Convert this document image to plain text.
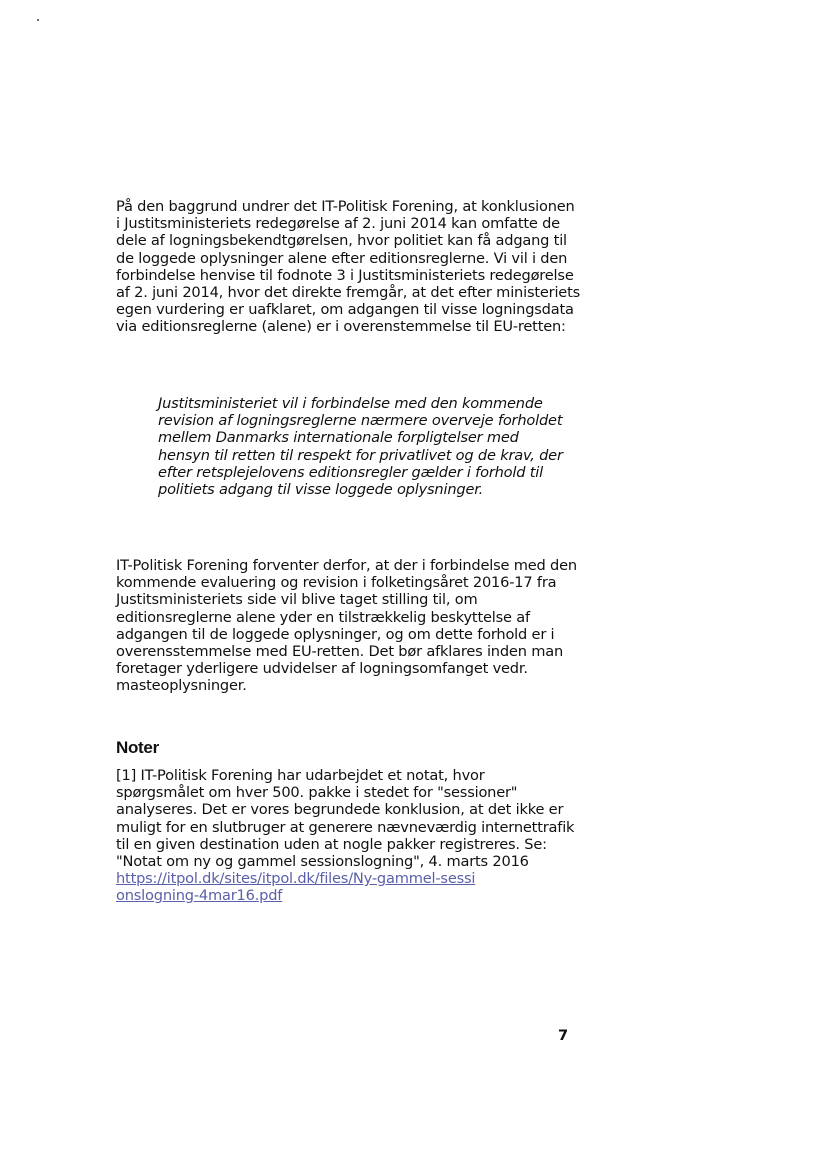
På den baggrund undrer det IT-Politisk Forening, at konklusionen i Justitsministeriets redegørelse af 2. juni 2014 kan omfatte de dele af logningsbekendtgørelsen, hvor politiet kan få adgang til de loggede oplysninger alene efter editionsreglerne. Vi vil i den forbindelse henvise til fodnote 3 i Justitsministeriets redegørelse af 2. juni 2014, hvor det direkte fremgår, at det efter ministeriets egen vurdering er uafklaret, om adgangen til visse logningsdata via editionsreglerne (alene) er i overenstemmelse til EU-retten:

Justitsministeriet vil i forbindelse med den kommende revision af logningsreglerne nærmere overveje forholdet mellem Danmarks internationale forpligtelser med hensyn til retten til respekt for privatlivet og de krav, der efter retsplejelovens editionsregler gælder i forhold til politiets adgang til visse loggede oplysninger.

IT-Politisk Forening forventer derfor, at der i forbindelse med den kommende evaluering og revision i folketingsåret 2016-17 fra Justitsministeriets side vil blive taget stilling til, om editionsreglerne alene yder en tilstrækkelig beskyttelse af adgangen til de loggede oplysninger, og om dette forhold er i overensstemmelse med EU-retten. Det bør afklares inden man foretager yderligere udvidelser af logningsomfanget vedr. masteoplysninger.

Noter
[1] IT-Politisk Forening har udarbejdet et notat, hvor spørgsmålet om hver 500. pakke i stedet for "sessioner" analyseres. Det er vores begrundede konklusion, at det ikke er muligt for en slutbruger at generere nævneværdig internettrafik til en given destination uden at nogle pakker registreres. Se: "Notat om ny og gammel sessionslogning", 4. marts 2016
https://itpol.dk/sites/itpol.dk/files/Ny-gammel-sessionslogning-4mar16.pdf

7
